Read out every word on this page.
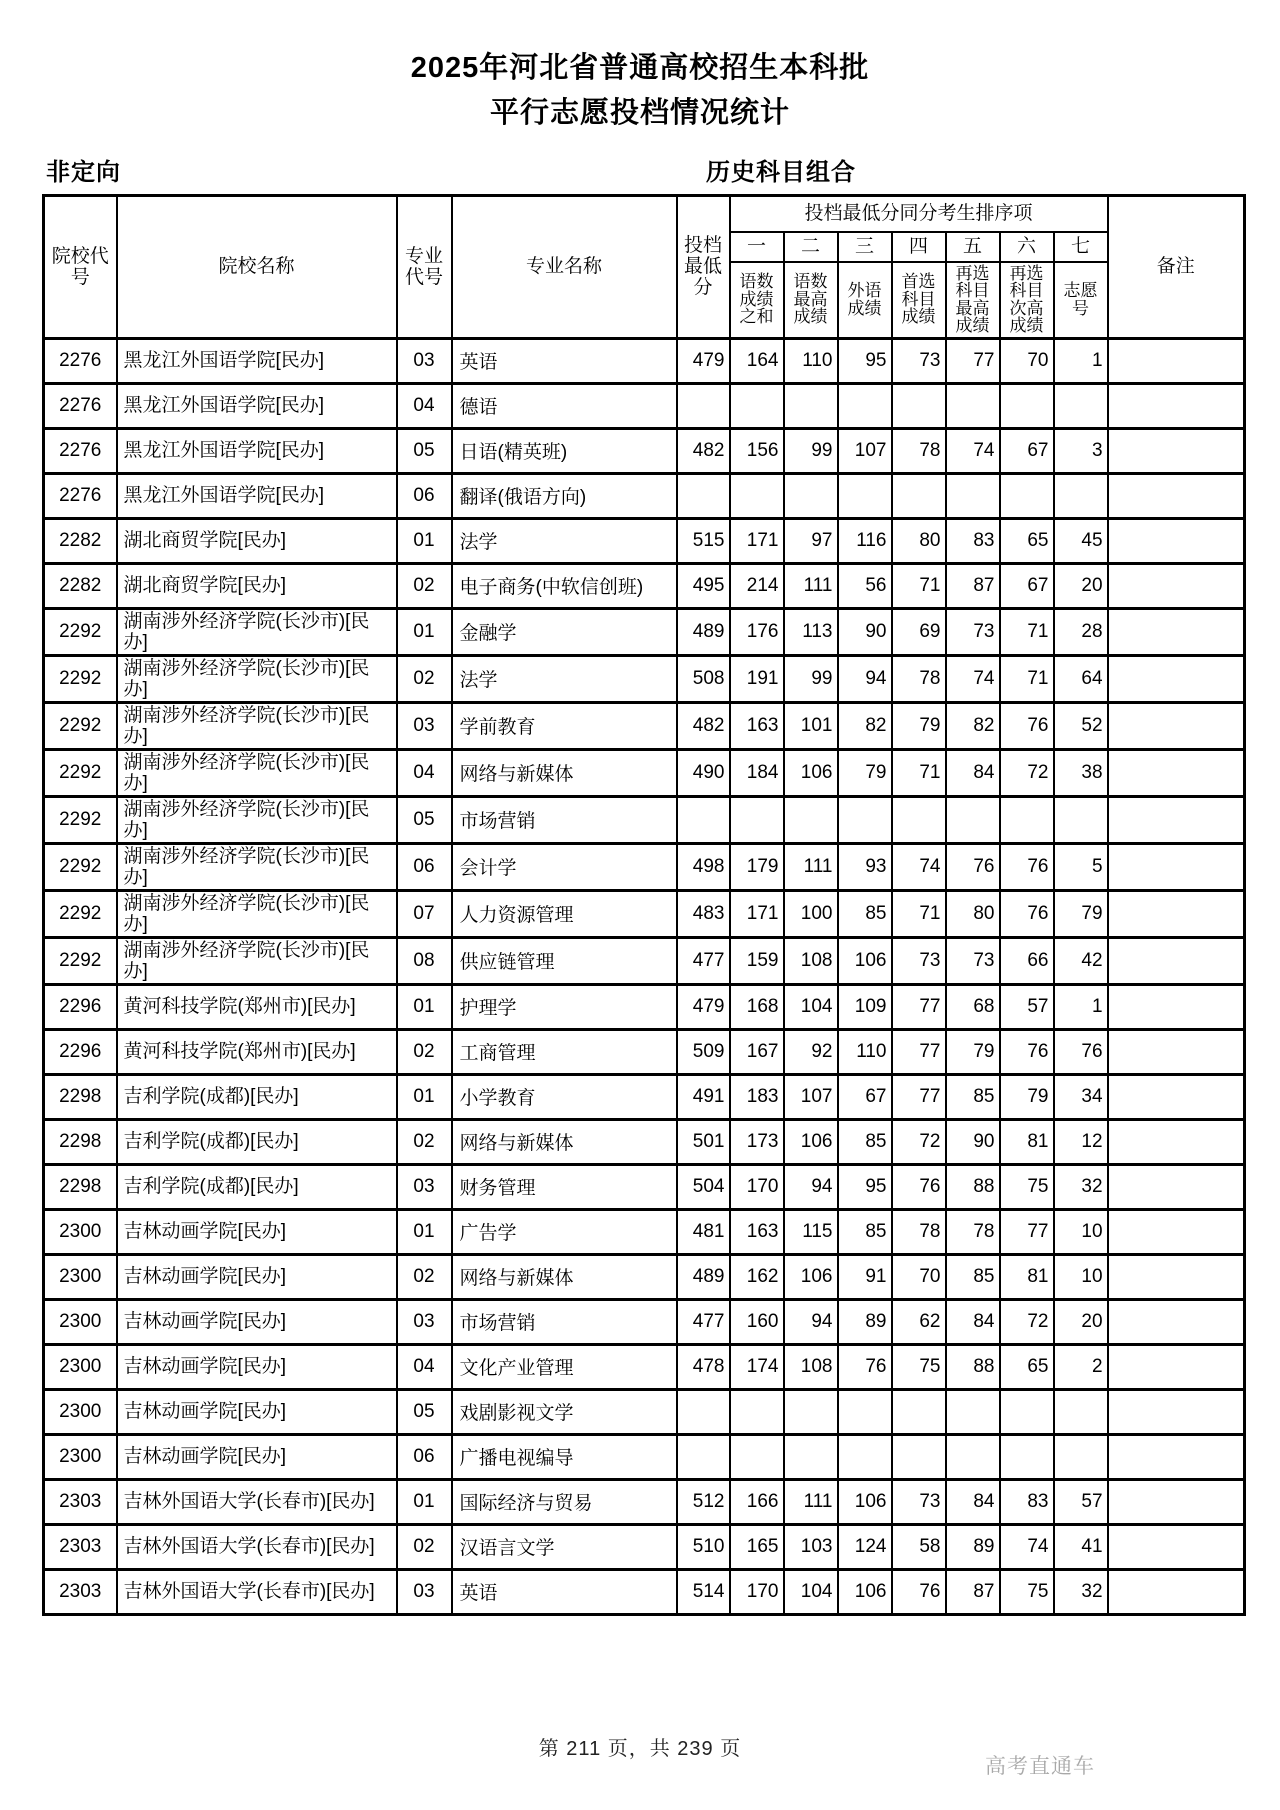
2025年河北省普通高校招生本科批
平行志愿投档情况统计
非定向	历史科目组合
院校代号	院校名称	专业代号	专业名称	投档最低分	投档最低分同分考生排序项							备注
					一	二	三	四	五	六	七	
					语数成绩之和	语数最高成绩	外语成绩	首选科目成绩	再选科目最高成绩	再选科目次高成绩	志愿号	
2276	黑龙江外国语学院[民办]	03	英语	479	164	110	95	73	77	70	1	
2276	黑龙江外国语学院[民办]	04	德语									
2276	黑龙江外国语学院[民办]	05	日语(精英班)	482	156	99	107	78	74	67	3	
2276	黑龙江外国语学院[民办]	06	翻译(俄语方向)									
2282	湖北商贸学院[民办]	01	法学	515	171	97	116	80	83	65	45	
2282	湖北商贸学院[民办]	02	电子商务(中软信创班)	495	214	111	56	71	87	67	20	
2292	湖南涉外经济学院(长沙市)[民办]	01	金融学	489	176	113	90	69	73	71	28	
2292	湖南涉外经济学院(长沙市)[民办]	02	法学	508	191	99	94	78	74	71	64	
2292	湖南涉外经济学院(长沙市)[民办]	03	学前教育	482	163	101	82	79	82	76	52	
2292	湖南涉外经济学院(长沙市)[民办]	04	网络与新媒体	490	184	106	79	71	84	72	38	
2292	湖南涉外经济学院(长沙市)[民办]	05	市场营销									
2292	湖南涉外经济学院(长沙市)[民办]	06	会计学	498	179	111	93	74	76	76	5	
2292	湖南涉外经济学院(长沙市)[民办]	07	人力资源管理	483	171	100	85	71	80	76	79	
2292	湖南涉外经济学院(长沙市)[民办]	08	供应链管理	477	159	108	106	73	73	66	42	
2296	黄河科技学院(郑州市)[民办]	01	护理学	479	168	104	109	77	68	57	1	
2296	黄河科技学院(郑州市)[民办]	02	工商管理	509	167	92	110	77	79	76	76	
2298	吉利学院(成都)[民办]	01	小学教育	491	183	107	67	77	85	79	34	
2298	吉利学院(成都)[民办]	02	网络与新媒体	501	173	106	85	72	90	81	12	
2298	吉利学院(成都)[民办]	03	财务管理	504	170	94	95	76	88	75	32	
2300	吉林动画学院[民办]	01	广告学	481	163	115	85	78	78	77	10	
2300	吉林动画学院[民办]	02	网络与新媒体	489	162	106	91	70	85	81	10	
2300	吉林动画学院[民办]	03	市场营销	477	160	94	89	62	84	72	20	
2300	吉林动画学院[民办]	04	文化产业管理	478	174	108	76	75	88	65	2	
2300	吉林动画学院[民办]	05	戏剧影视文学									
2300	吉林动画学院[民办]	06	广播电视编导									
2303	吉林外国语大学(长春市)[民办]	01	国际经济与贸易	512	166	111	106	73	84	83	57	
2303	吉林外国语大学(长春市)[民办]	02	汉语言文学	510	165	103	124	58	89	74	41	
2303	吉林外国语大学(长春市)[民办]	03	英语	514	170	104	106	76	87	75	32	
第 211 页，共 239 页
高考直通车
